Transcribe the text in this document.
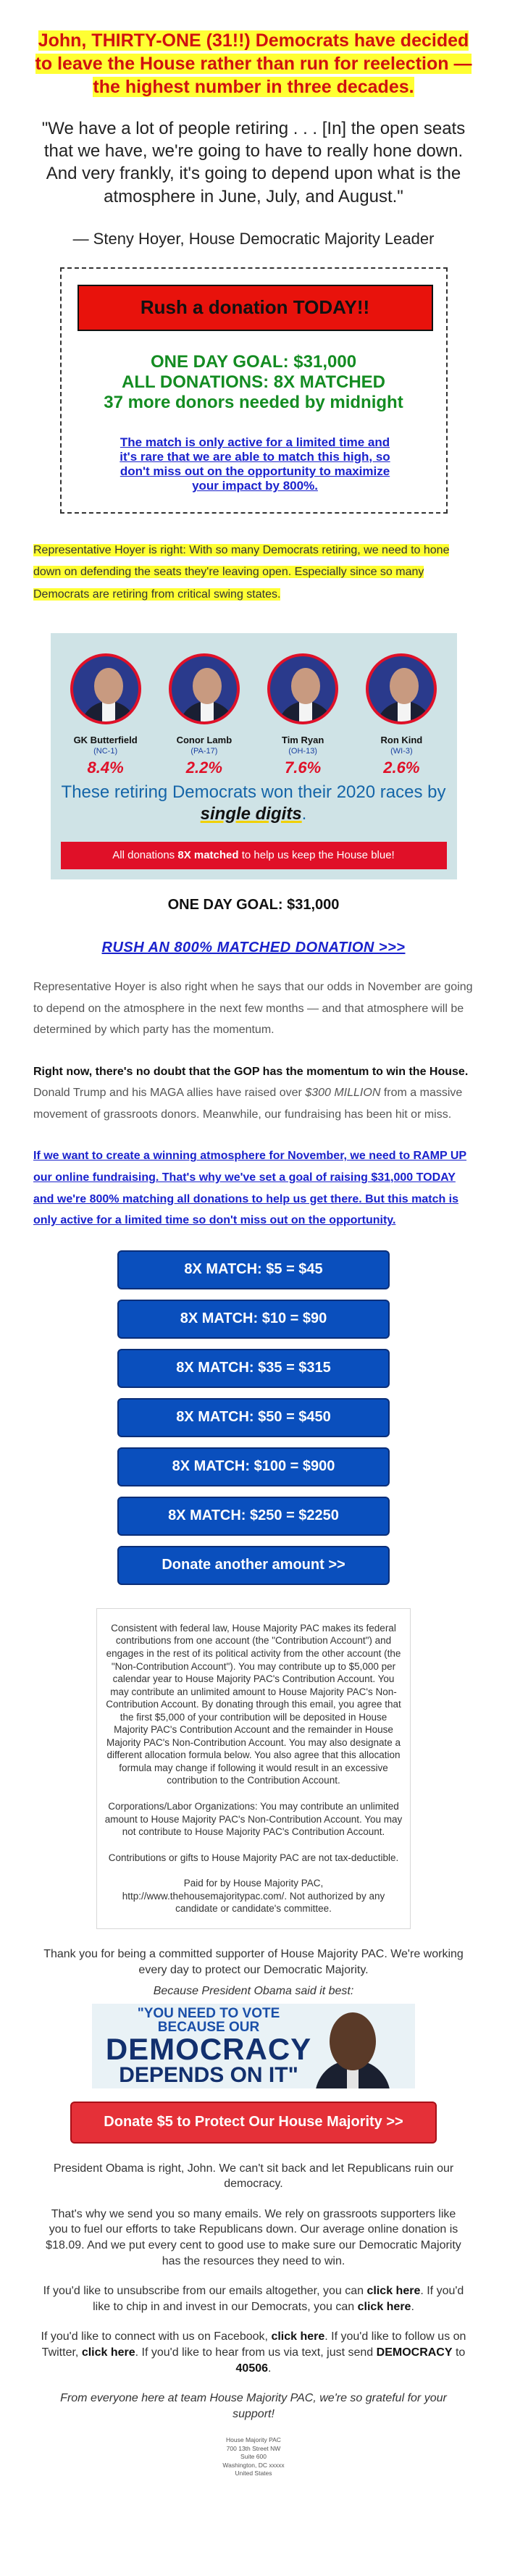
John, THIRTY-ONE (31!!) Democrats have decided to leave the House rather than run for reelection — the highest number in three decades.
"We have a lot of people retiring . . . [In] the open seats that we have, we're going to have to really hone down. And very frankly, it's going to depend upon what is the atmosphere in June, July, and August."
— Steny Hoyer, House Democratic Majority Leader
Rush a donation TODAY!!
ONE DAY GOAL: $31,000
ALL DONATIONS: 8X MATCHED
37 more donors needed by midnight
The match is only active for a limited time and it's rare that we are able to match this high, so don't miss out on the opportunity to maximize your impact by 800%.
Representative Hoyer is right: With so many Democrats retiring, we need to hone down on defending the seats they're leaving open. Especially since so many Democrats are retiring from critical swing states.
GK Butterfield
(NC-1)
8.4%
Conor Lamb
(PA-17)
2.2%
Tim Ryan
(OH-13)
7.6%
Ron Kind
(WI-3)
2.6%
These retiring Democrats won their 2020 races by single digits.
All donations
8X matched
to help us keep the House blue!
ONE DAY GOAL: $31,000
RUSH AN 800% MATCHED DONATION >>>
Representative Hoyer is also right when he says that our odds in November are going to depend on the atmosphere in the next few months — and that atmosphere will be determined by which party has the momentum.
Right now, there's no doubt that the GOP has the momentum to win the House. Donald Trump and his MAGA allies have raised over $300 MILLION from a massive movement of grassroots donors. Meanwhile, our fundraising has been hit or miss.
If we want to create a winning atmosphere for November, we need to RAMP UP our online fundraising. That's why we've set a goal of raising $31,000 TODAY and we're 800% matching all donations to help us get there. But this match is only active for a limited time so don't miss out on the opportunity.
8X MATCH: $5 = $45
8X MATCH: $10 = $90
8X MATCH: $35 = $315
8X MATCH: $50 = $450
8X MATCH: $100 = $900
8X MATCH: $250 = $2250
Donate another amount >>

Consistent with federal law, House Majority PAC makes its federal contributions from one account (the "Contribution Account") and engages in the rest of its political activity from the other account (the "Non-Contribution Account"). You may contribute up to $5,000 per calendar year to House Majority PAC's Contribution Account. You may contribute an unlimited amount to House Majority PAC's Non-Contribution Account. By donating through this email, you agree that the first $5,000 of your contribution will be deposited in House Majority PAC's Contribution Account and the remainder in House Majority PAC's Non-Contribution Account. You may also designate a different allocation formula below. You also agree that this allocation formula may change if following it would result in an excessive contribution to the Contribution Account.

Corporations/Labor Organizations: You may contribute an unlimited amount to House Majority PAC's Non-Contribution Account. You may not contribute to House Majority PAC's Contribution Account.

Contributions or gifts to House Majority PAC are not tax-deductible.

Paid for by House Majority PAC, http://www.thehousemajoritypac.com/. Not authorized by any candidate or candidate's committee.

Thank you for being a committed supporter of House Majority PAC. We're working every day to protect our Democratic Majority.
Because President Obama said it best:
"YOU NEED TO VOTE BECAUSE OUR
DEMOCRACY
DEPENDS ON IT"
Donate $5 to Protect Our House Majority >>

President Obama is right, John. We can't sit back and let Republicans ruin our democracy.

That's why we send you so many emails. We rely on grassroots supporters like you to fuel our efforts to take Republicans down. Our average online donation is $18.09. And we put every cent to good use to make sure our Democratic Majority has the resources they need to win.

If you'd like to unsubscribe from our emails altogether, you can click here. If you'd like to chip in and invest in our Democrats, you can click here.

If you'd like to connect with us on Facebook, click here. If you'd like to follow us on Twitter, click here. If you'd like to hear from us via text, just send DEMOCRACY to 40506.

From everyone here at team House Majority PAC, we're so grateful for your support!

House Majority PAC
700 13th Street NW
Suite 600
Washington, DC xxxxx
United States
